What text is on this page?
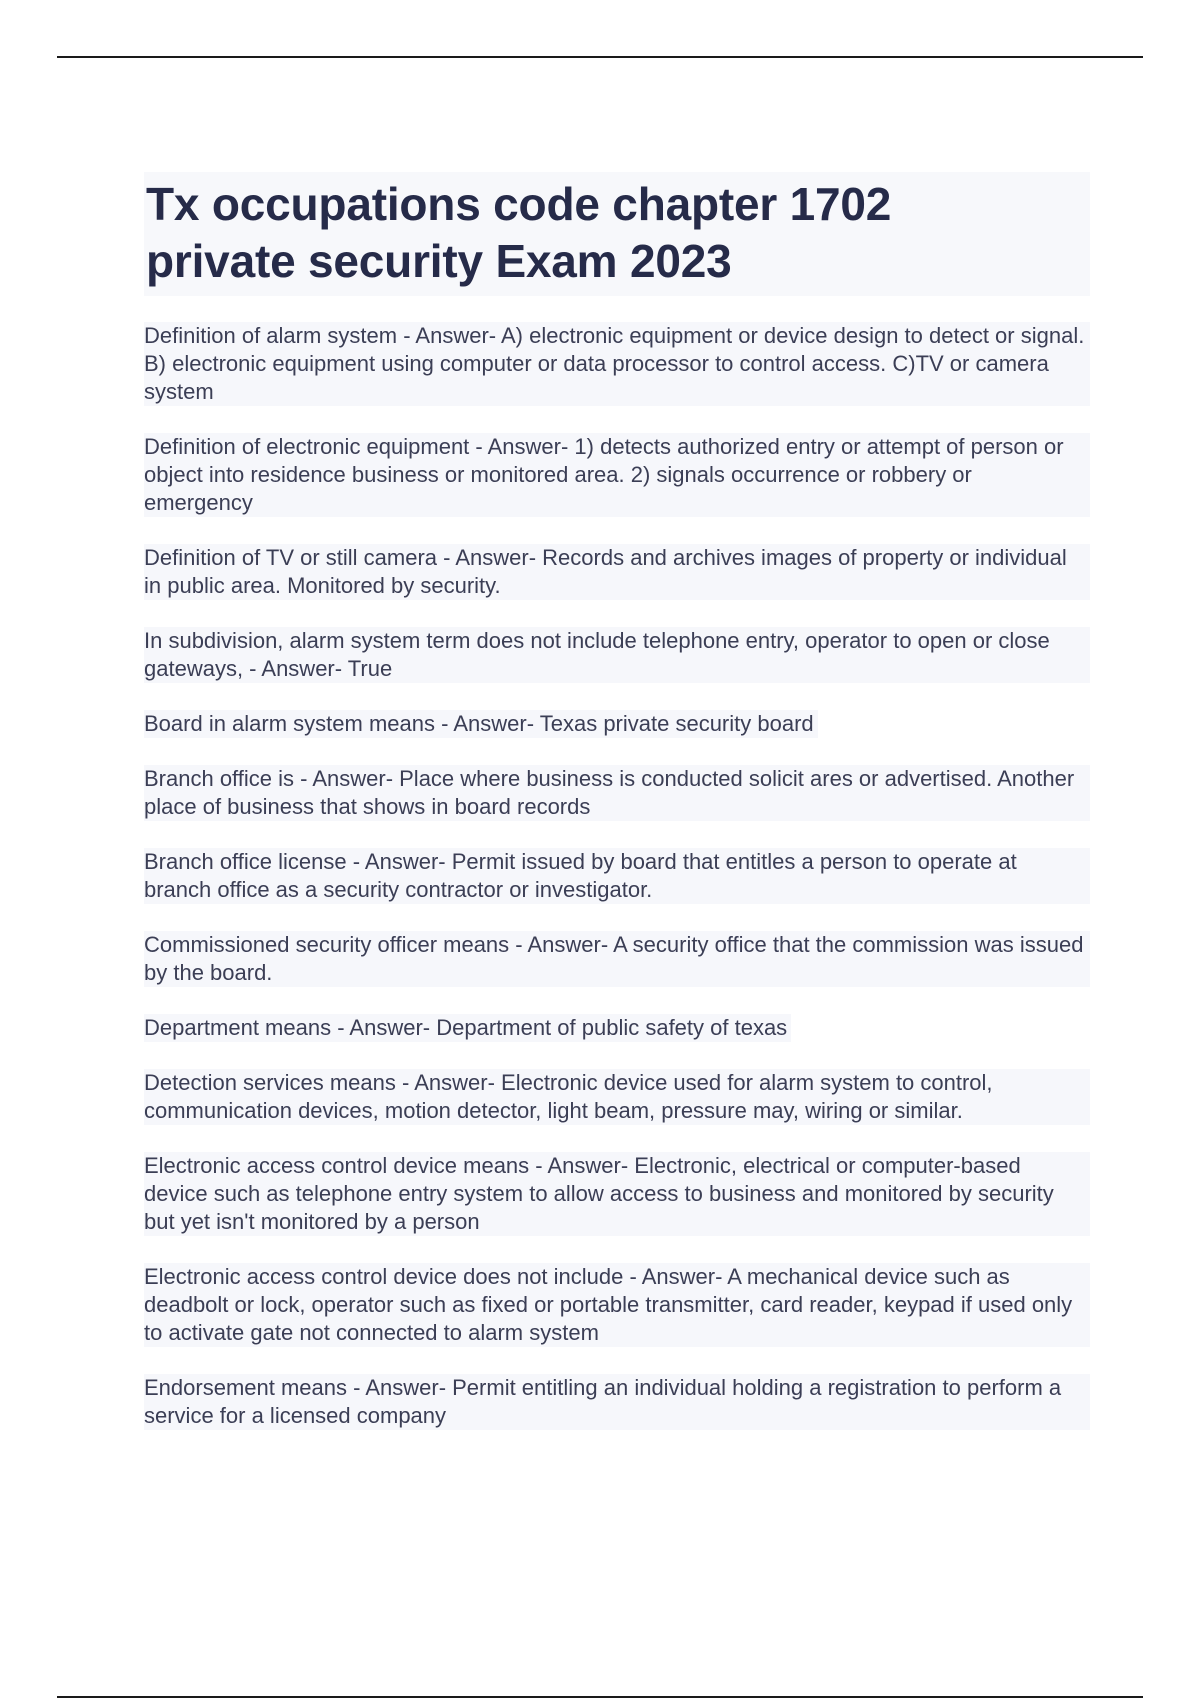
Tx occupations code chapter 1702
private security Exam 2023

Definition of alarm system - Answer- A) electronic equipment or device design to detect or signal. B) electronic equipment using computer or data processor to control access. C)TV or camera system

Definition of electronic equipment - Answer- 1) detects authorized entry or attempt of person or object into residence business or monitored area. 2) signals occurrence or robbery or emergency

Definition of TV or still camera - Answer- Records and archives images of property or individual in public area. Monitored by security.

In subdivision, alarm system term does not include telephone entry, operator to open or close gateways, - Answer- True

Board in alarm system means - Answer- Texas private security board

Branch office is - Answer- Place where business is conducted solicit ares or advertised. Another place of business that shows in board records

Branch office license - Answer- Permit issued by board that entitles a person to operate at branch office as a security contractor or investigator.

Commissioned security officer means - Answer- A security office that the commission was issued by the board.

Department means - Answer- Department of public safety of texas

Detection services means - Answer- Electronic device used for alarm system to control, communication devices, motion detector, light beam, pressure may, wiring or similar.

Electronic access control device means - Answer- Electronic, electrical or computer-based device such as telephone entry system to allow access to business and monitored by security but yet isn't monitored by a person

Electronic access control device does not include - Answer- A mechanical device such as deadbolt or lock, operator such as fixed or portable transmitter, card reader, keypad if used only to activate gate not connected to alarm system

Endorsement means - Answer- Permit entitling an individual holding a registration to perform a service for a licensed company
